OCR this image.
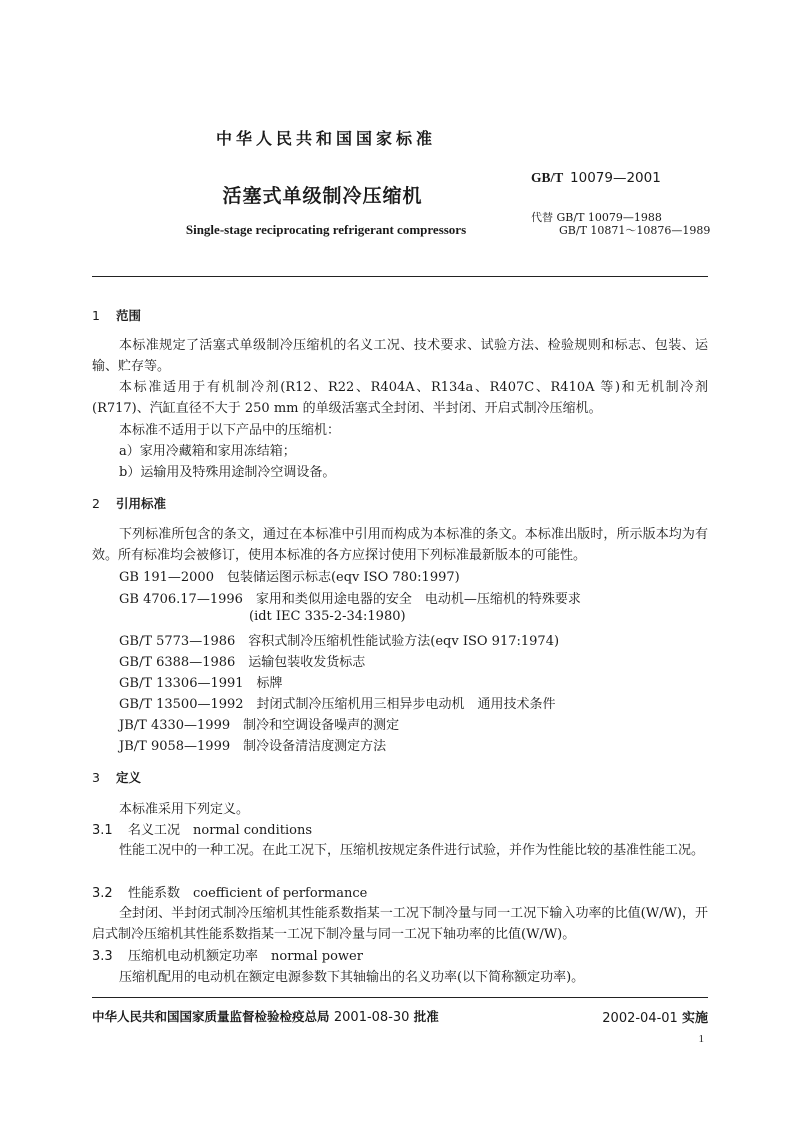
中华人民共和国国家标准
GB/T 10079—2001
活塞式单级制冷压缩机
代替 GB/T 10079—1988
GB/T 10871～10876—1989
Single-stage reciprocating refrigerant compressors
1 范围
本标准规定了活塞式单级制冷压缩机的名义工况、技术要求、试验方法、检验规则和标志、包装、运输、贮存等。
本标准适用于有机制冷剂(R12、R22、R404A、R134a、R407C、R410A 等)和无机制冷剂(R717)、汽缸直径不大于 250 mm 的单级活塞式全封闭、半封闭、开启式制冷压缩机。
本标准不适用于以下产品中的压缩机：
a）家用冷藏箱和家用冻结箱；
b）运输用及特殊用途制冷空调设备。
2 引用标准
下列标准所包含的条文，通过在本标准中引用而构成为本标准的条文。本标准出版时，所示版本均为有效。所有标准均会被修订，使用本标准的各方应探讨使用下列标准最新版本的可能性。
GB 191—2000　包装储运图示标志(eqv ISO 780:1997)
GB 4706.17—1996　家用和类似用途电器的安全　电动机—压缩机的特殊要求
(idt IEC 335-2-34:1980)
GB/T 5773—1986　容积式制冷压缩机性能试验方法(eqv ISO 917:1974)
GB/T 6388—1986　运输包装收发货标志
GB/T 13306—1991　标牌
GB/T 13500—1992　封闭式制冷压缩机用三相异步电动机　通用技术条件
JB/T 4330—1999　制冷和空调设备噪声的测定
JB/T 9058—1999　制冷设备清洁度测定方法
3 定义
本标准采用下列定义。
3.1 名义工况　normal conditions
性能工况中的一种工况。在此工况下，压缩机按规定条件进行试验，并作为性能比较的基准性能工况。
3.2 性能系数　coefficient of performance
全封闭、半封闭式制冷压缩机其性能系数指某一工况下制冷量与同一工况下输入功率的比值(W/W)，开启式制冷压缩机其性能系数指某一工况下制冷量与同一工况下轴功率的比值(W/W)。
3.3 压缩机电动机额定功率　normal power
压缩机配用的电动机在额定电源参数下其轴输出的名义功率(以下简称额定功率)。
中华人民共和国国家质量监督检验检疫总局 2001-08-30 批准	2002-04-01 实施
1
